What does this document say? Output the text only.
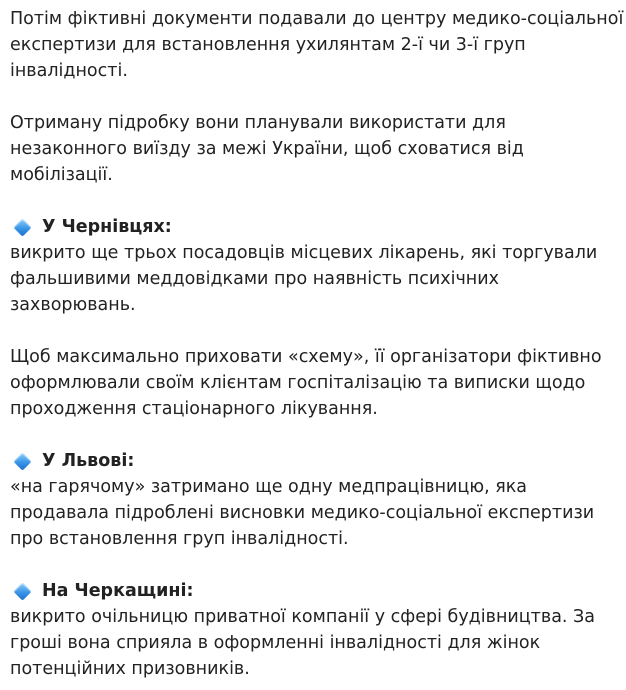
Потім фіктивні документи подавали до центру медико-соціальної
експертизи для встановлення ухилянтам 2-ї чи 3-ї груп
інвалідності.
Отриману підробку вони планували використати для
незаконного виїзду за межі України, щоб сховатися від
мобілізації.
У Чернівцях:
викрито ще трьох посадовців місцевих лікарень, які торгували
фальшивими меддовідками про наявність психічних
захворювань.
Щоб максимально приховати «схему», її організатори фіктивно
оформлювали своїм клієнтам госпіталізацію та виписки щодо
проходження стаціонарного лікування.
У Львові:
«на гарячому» затримано ще одну медпрацівницю, яка
продавала підроблені висновки медико-соціальної експертизи
про встановлення груп інвалідності.
На Черкащині:
викрито очільницю приватної компанії у сфері будівництва. За
гроші вона сприяла в оформленні інвалідності для жінок
потенційних призовників.
